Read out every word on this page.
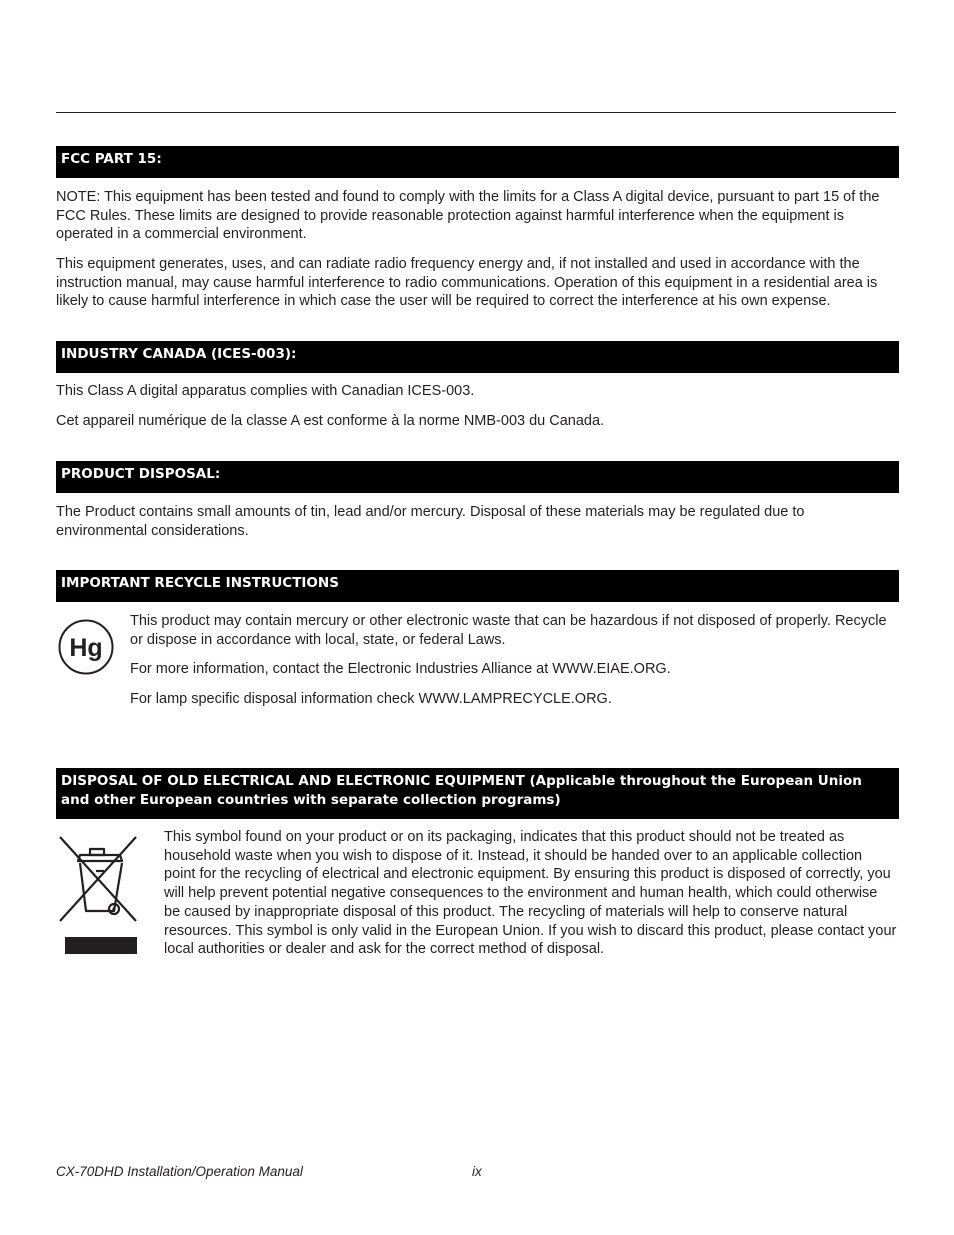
FCC PART 15:

NOTE: This equipment has been tested and found to comply with the limits for a Class A digital device, pursuant to part 15 of the FCC Rules. These limits are designed to provide reasonable protection against harmful interference when the equipment is operated in a commercial environment.

This equipment generates, uses, and can radiate radio frequency energy and, if not installed and used in accordance with the instruction manual, may cause harmful interference to radio communications. Operation of this equipment in a residential area is likely to cause harmful interference in which case the user will be required to correct the interference at his own expense.

INDUSTRY CANADA (ICES-003):

This Class A digital apparatus complies with Canadian ICES-003.

Cet appareil numérique de la classe A est conforme à la norme NMB-003 du Canada.

PRODUCT DISPOSAL:

The Product contains small amounts of tin, lead and/or mercury. Disposal of these materials may be regulated due to environmental considerations.

IMPORTANT RECYCLE INSTRUCTIONS
Hg

This product may contain mercury or other electronic waste that can be hazardous if not disposed of properly. Recycle or dispose in accordance with local, state, or federal Laws.

For more information, contact the Electronic Industries Alliance at WWW.EIAE.ORG.

For lamp specific disposal information check WWW.LAMPRECYCLE.ORG.

DISPOSAL OF OLD ELECTRICAL AND ELECTRONIC EQUIPMENT (Applicable throughout the European Union and other European countries with separate collection programs)

This symbol found on your product or on its packaging, indicates that this product should not be treated as household waste when you wish to dispose of it. Instead, it should be handed over to an applicable collection point for the recycling of electrical and electronic equipment. By ensuring this product is disposed of correctly, you will help prevent potential negative consequences to the environment and human health, which could otherwise be caused by inappropriate disposal of this product. The recycling of materials will help to conserve natural resources. This symbol is only valid in the European Union. If you wish to discard this product, please contact your local authorities or dealer and ask for the correct method of disposal.

CX-70DHD Installation/Operation Manual	ix
